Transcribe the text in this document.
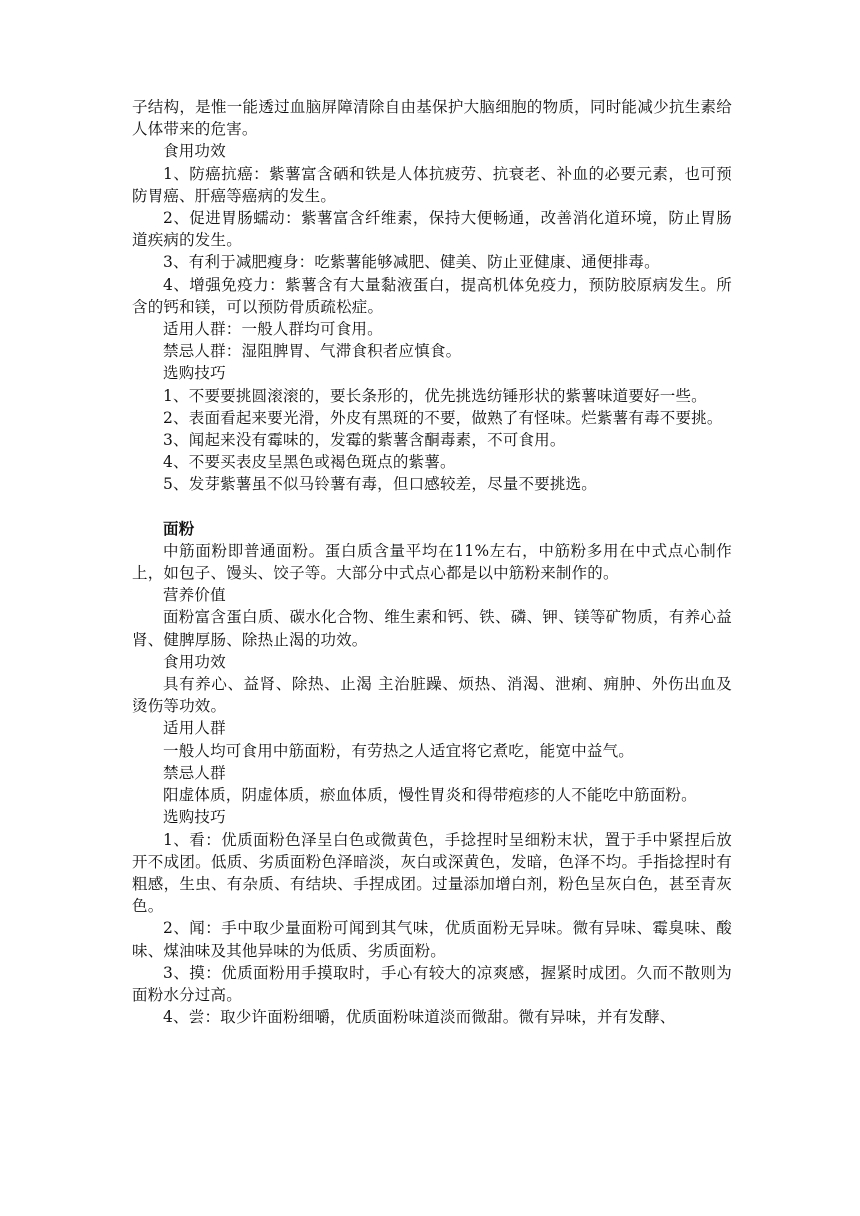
子结构，是惟一能透过血脑屏障清除自由基保护大脑细胞的物质，同时能减少抗生素给人体带来的危害。

食用功效

1、防癌抗癌：紫薯富含硒和铁是人体抗疲劳、抗衰老、补血的必要元素，也可预防胃癌、肝癌等癌病的发生。

2、促进胃肠蠕动：紫薯富含纤维素，保持大便畅通，改善消化道环境，防止胃肠道疾病的发生。

3、有利于减肥瘦身：吃紫薯能够减肥、健美、防止亚健康、通便排毒。

4、增强免疫力：紫薯含有大量黏液蛋白，提高机体免疫力，预防胶原病发生。所含的钙和镁，可以预防骨质疏松症。

适用人群：一般人群均可食用。

禁忌人群：湿阻脾胃、气滞食积者应慎食。

选购技巧

1、不要要挑圆滚滚的，要长条形的，优先挑选纺锤形状的紫薯味道要好一些。

2、表面看起来要光滑，外皮有黑斑的不要，做熟了有怪味。烂紫薯有毒不要挑。

3、闻起来没有霉味的，发霉的紫薯含酮毒素，不可食用。

4、不要买表皮呈黑色或褐色斑点的紫薯。

5、发芽紫薯虽不似马铃薯有毒，但口感较差，尽量不要挑选。

面粉

中筋面粉即普通面粉。蛋白质含量平均在11%左右，中筋粉多用在中式点心制作上，如包子、馒头、饺子等。大部分中式点心都是以中筋粉来制作的。

营养价值

面粉富含蛋白质、碳水化合物、维生素和钙、铁、磷、钾、镁等矿物质，有养心益肾、健脾厚肠、除热止渴的功效。

食用功效

具有养心、益肾、除热、止渴 主治脏躁、烦热、消渴、泄痢、痈肿、外伤出血及烫伤等功效。

适用人群

一般人均可食用中筋面粉，有劳热之人适宜将它煮吃，能宽中益气。

禁忌人群

阳虚体质，阴虚体质，瘀血体质，慢性胃炎和得带疱疹的人不能吃中筋面粉。

选购技巧

1、看：优质面粉色泽呈白色或微黄色，手捻捏时呈细粉末状，置于手中紧捏后放开不成团。低质、劣质面粉色泽暗淡，灰白或深黄色，发暗，色泽不均。手指捻捏时有粗感，生虫、有杂质、有结块、手捏成团。过量添加增白剂，粉色呈灰白色，甚至青灰色。

2、闻：手中取少量面粉可闻到其气味，优质面粉无异味。微有异味、霉臭味、酸味、煤油味及其他异味的为低质、劣质面粉。

3、摸：优质面粉用手摸取时，手心有较大的凉爽感，握紧时成团。久而不散则为面粉水分过高。

4、尝：取少许面粉细嚼，优质面粉味道淡而微甜。微有异味，并有发酵、
